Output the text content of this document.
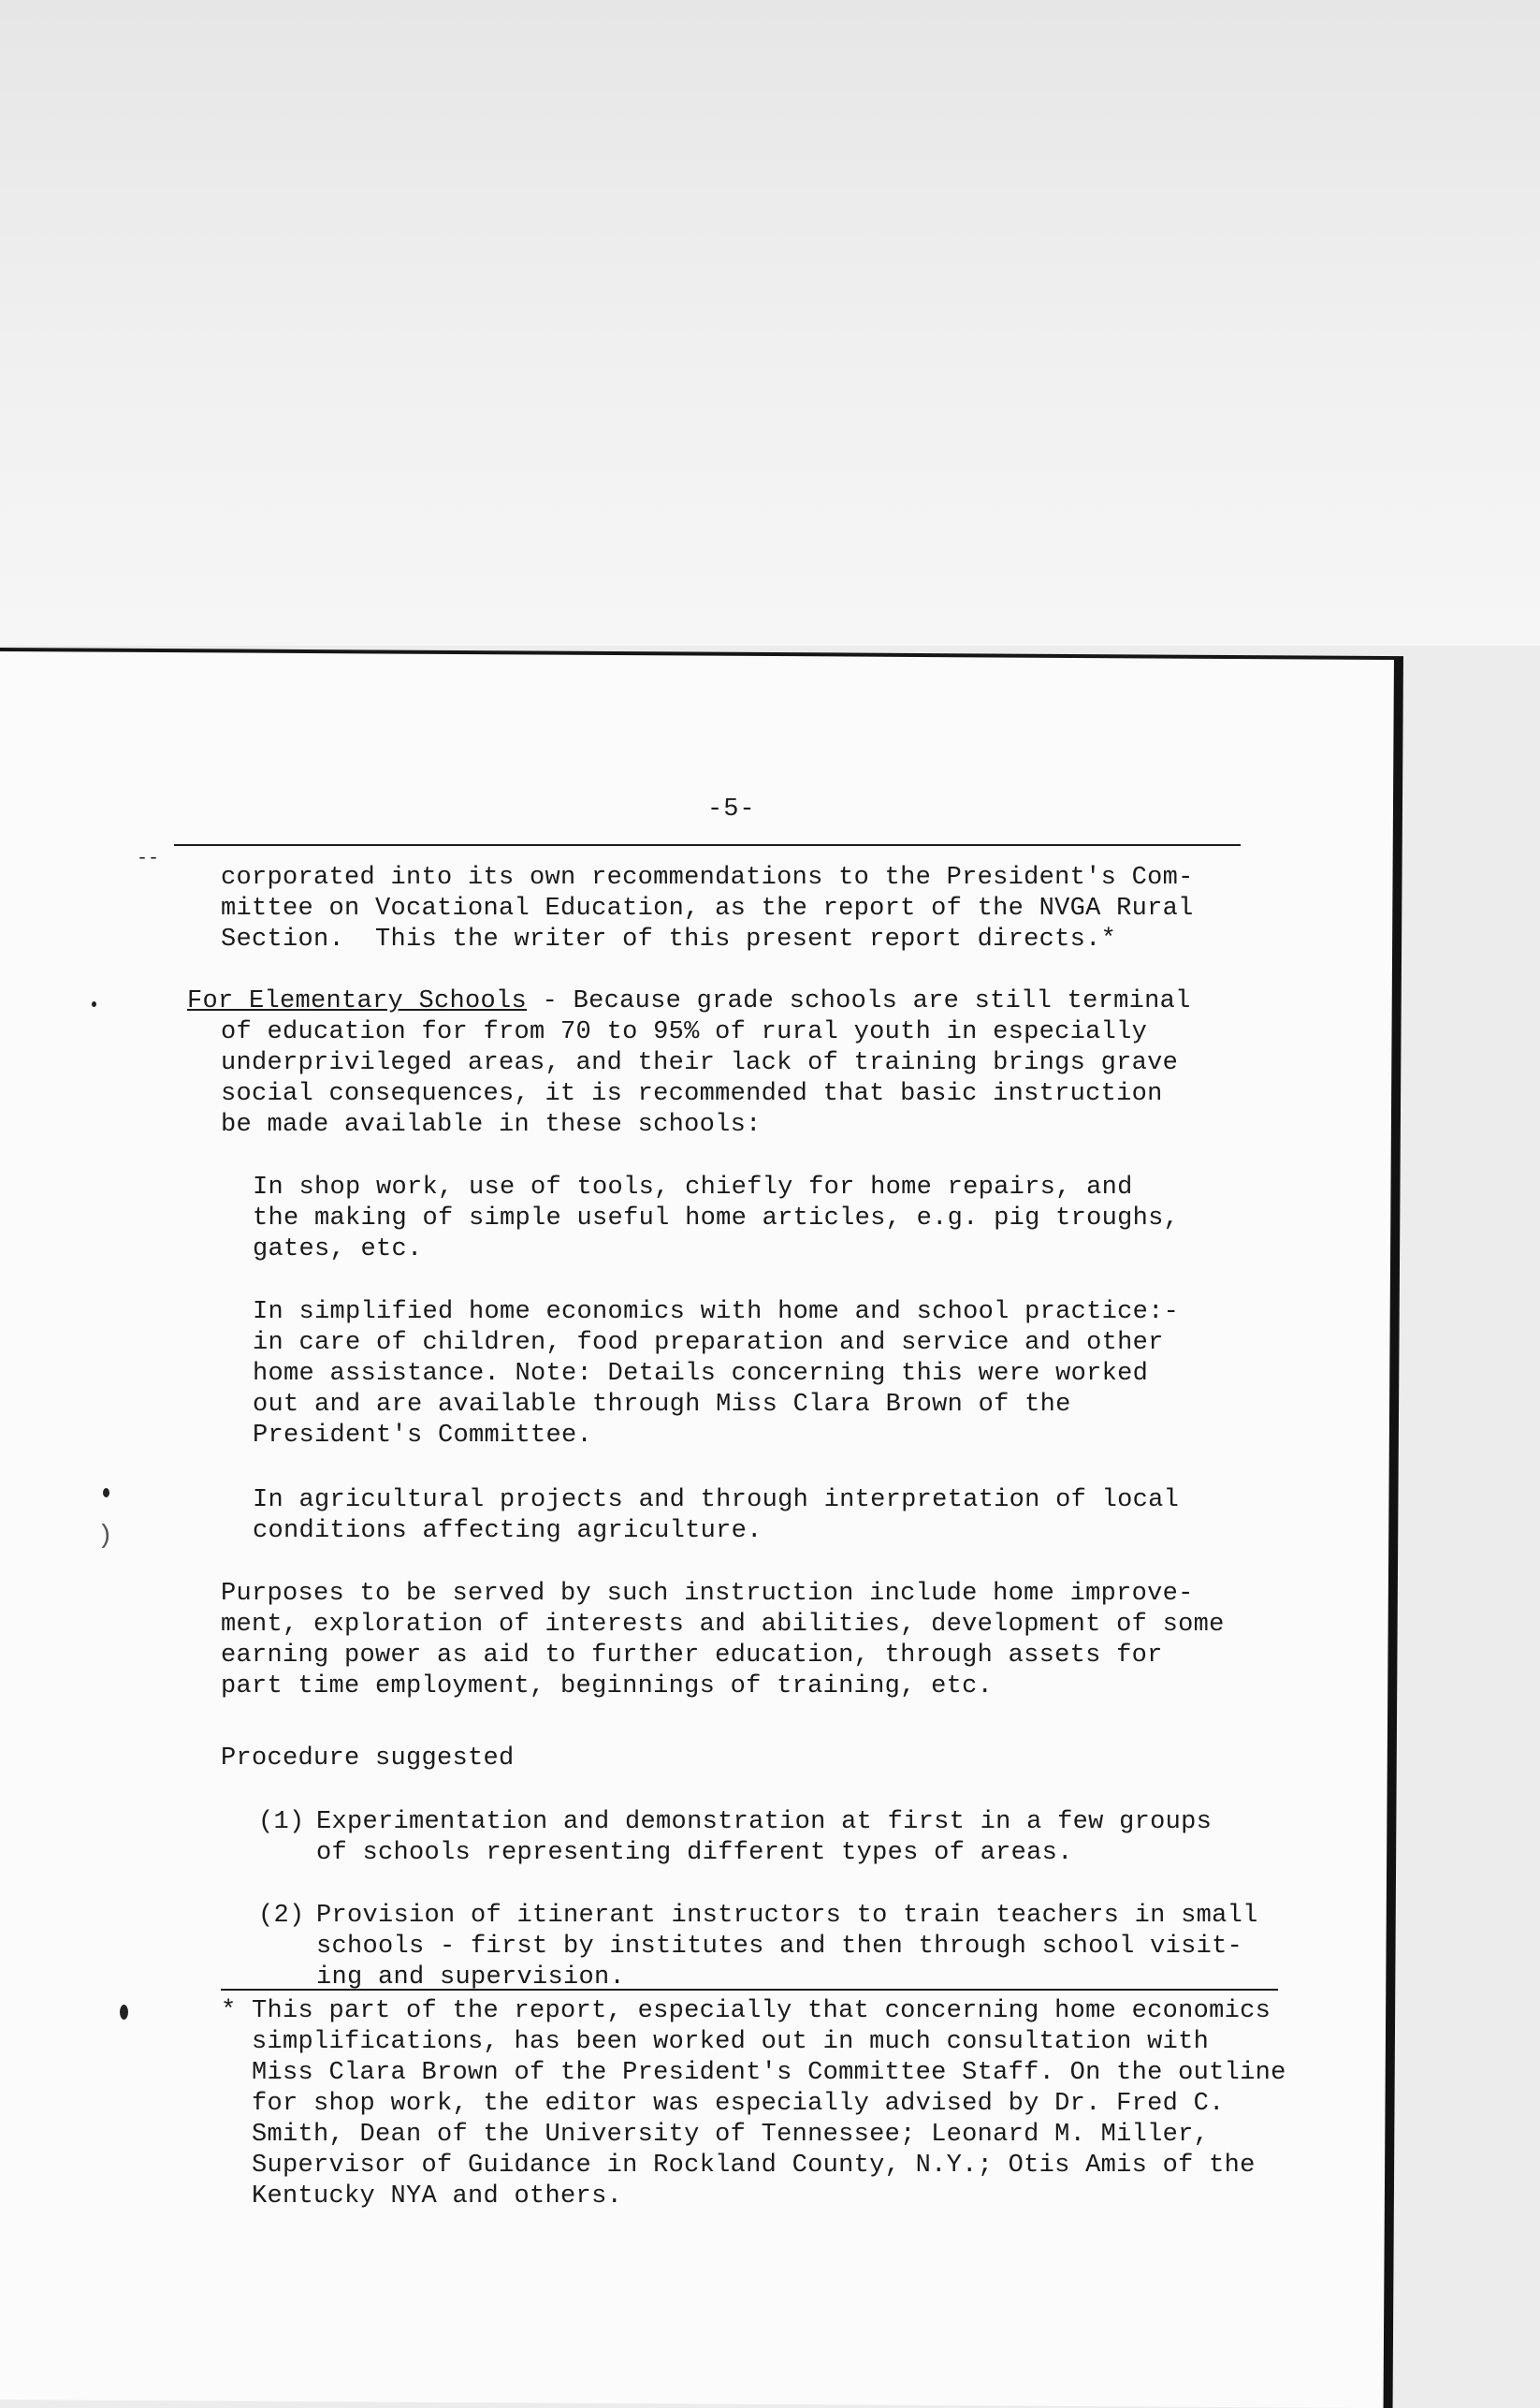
-5-
--
corporated into its own recommendations to the President's Com-
mittee on Vocational Education, as the report of the NVGA Rural
Section.  This the writer of this present report directs.*
For Elementary Schools - Because grade schools are still terminal
of education for from 70 to 95% of rural youth in especially
underprivileged areas, and their lack of training brings grave
social consequences, it is recommended that basic instruction
be made available in these schools:
In shop work, use of tools, chiefly for home repairs, and
the making of simple useful home articles, e.g. pig troughs,
gates, etc.
In simplified home economics with home and school practice:-
in care of children, food preparation and service and other
home assistance. Note: Details concerning this were worked
out and are available through Miss Clara Brown of the
President's Committee.
In agricultural projects and through interpretation of local
conditions affecting agriculture.
Purposes to be served by such instruction include home improve-
ment, exploration of interests and abilities, development of some
earning power as aid to further education, through assets for
part time employment, beginnings of training, etc.
Procedure suggested
(1) Experimentation and demonstration at first in a few groups
of schools representing different types of areas.
(2) Provision of itinerant instructors to train teachers in small
schools - first by institutes and then through school visit-
ing and supervision.
* This part of the report, especially that concerning home economics
simplifications, has been worked out in much consultation with
Miss Clara Brown of the President's Committee Staff. On the outline
for shop work, the editor was especially advised by Dr. Fred C.
Smith, Dean of the University of Tennessee; Leonard M. Miller,
Supervisor of Guidance in Rockland County, N.Y.; Otis Amis of the
Kentucky NYA and others.
)
